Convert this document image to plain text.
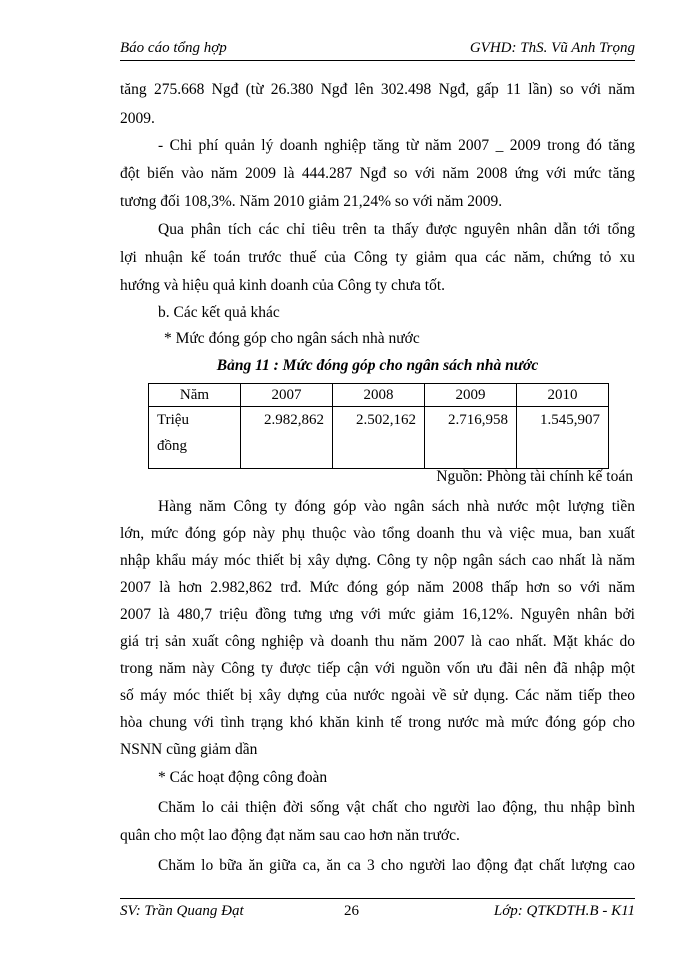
Báo cáo tổng hợp	GVHD: ThS. Vũ Anh Trọng
tăng 275.668 Ngđ (từ 26.380 Ngđ lên 302.498 Ngđ, gấp 11 lần) so với năm
2009.
- Chi phí quản lý doanh nghiệp tăng từ năm 2007 _ 2009 trong đó tăng
đột biến vào năm 2009 là 444.287 Ngđ so với năm 2008 ứng với mức tăng
tương đối 108,3%. Năm 2010 giảm 21,24% so với năm 2009.
Qua phân tích các chỉ tiêu trên ta thấy được nguyên nhân dẫn tới tổng
lợi nhuận kế toán trước thuế của Công ty giảm qua các năm, chứng tỏ xu
hướng và hiệu quả kinh doanh của Công ty chưa tốt.
b. Các kết quả khác
* Mức đóng góp cho ngân sách nhà nước
Bảng 11 : Mức đóng góp cho ngân sách nhà nước
Năm	2007	2008	2009	2010
Triệu
đồng	2.982,862	2.502,162	2.716,958	1.545,907
Nguồn: Phòng tài chính kế toán
Hàng năm Công ty đóng góp vào ngân sách nhà nước một lượng tiền
lớn, mức đóng góp này phụ thuộc vào tổng doanh thu và việc mua, ban xuất
nhập khẩu máy móc thiết bị xây dựng. Công ty nộp ngân sách cao nhất là năm
2007 là hơn 2.982,862 trđ. Mức đóng góp năm 2008 thấp hơn so với năm
2007 là 480,7 triệu đồng tưng ưng với mức giảm 16,12%. Nguyên nhân bởi
giá trị sản xuất công nghiệp và doanh thu năm 2007 là cao nhất. Mặt khác do
trong năm này Công ty được tiếp cận với nguồn vốn ưu đãi nên đã nhập một
số máy móc thiết bị xây dựng của nước ngoài về sử dụng. Các năm tiếp theo
hòa chung với tình trạng khó khăn kinh tế trong nước mà mức đóng góp cho
NSNN cũng giảm dần
* Các hoạt động công đoàn
Chăm lo cải thiện đời sống vật chất cho người lao động, thu nhập bình
quân cho một lao động đạt năm sau cao hơn năn trước.
Chăm lo bữa ăn giữa ca, ăn ca 3 cho người lao động đạt chất lượng cao
SV: Trần Quang Đạt	26	Lớp: QTKDTH.B - K11
